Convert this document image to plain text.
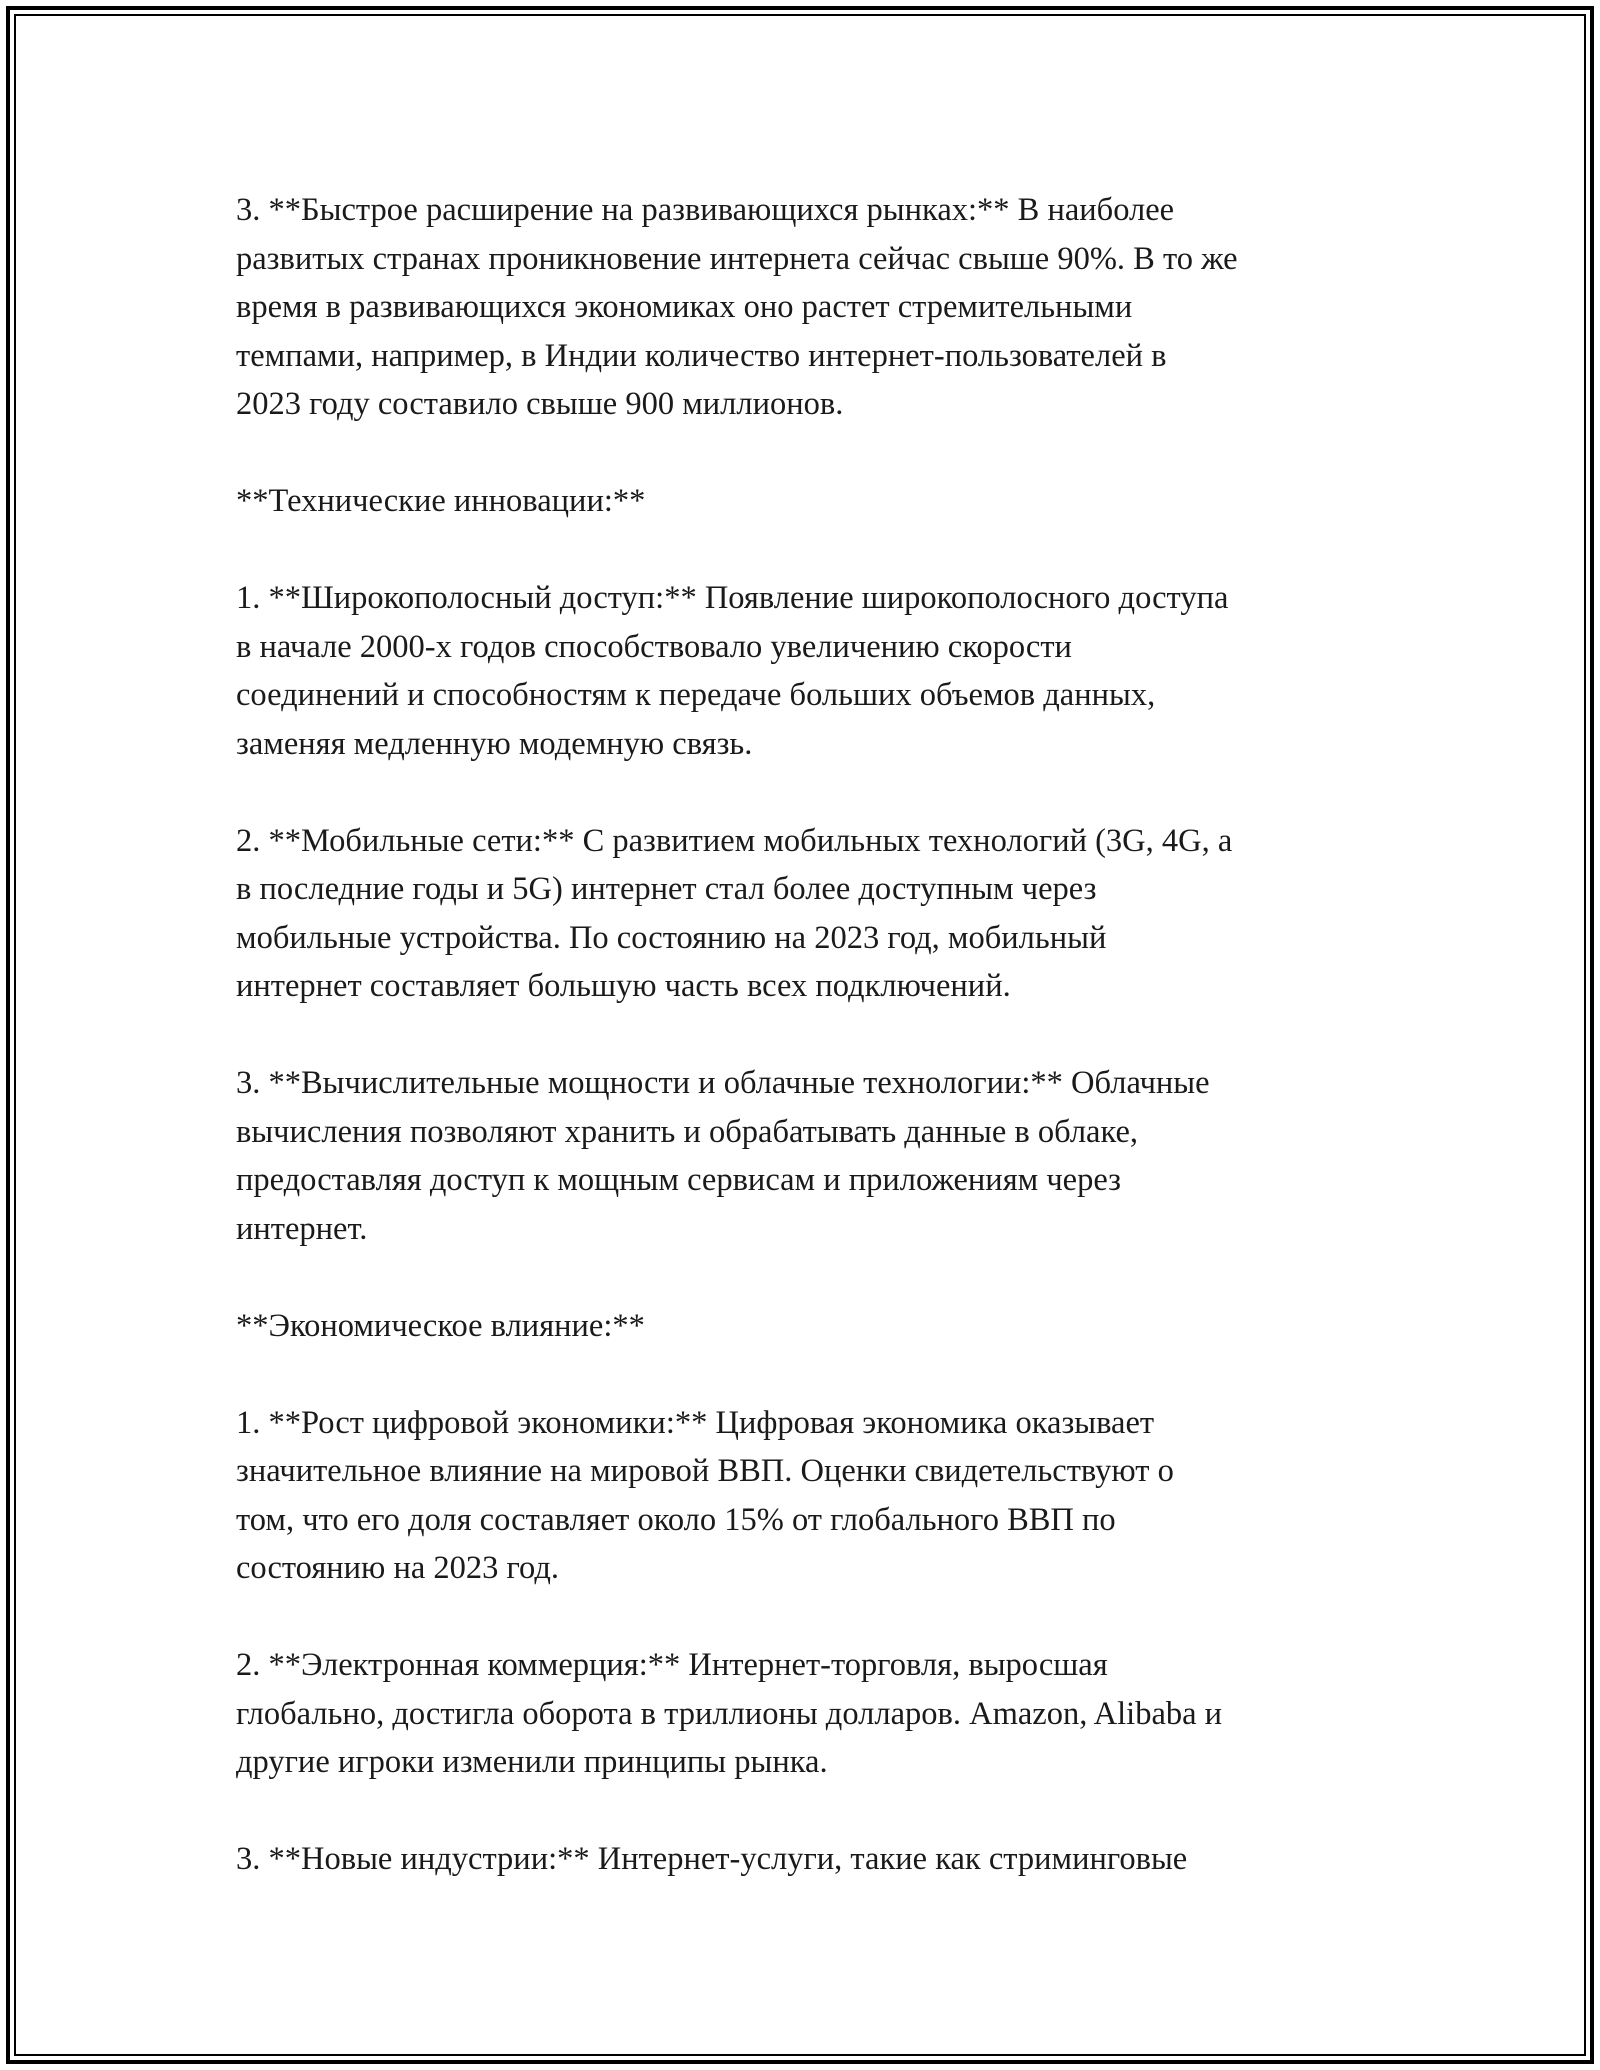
3. **Быстрое расширение на развивающихся рынках:** В наиболее
развитых странах проникновение интернета сейчас свыше 90%. В то же
время в развивающихся экономиках оно растет стремительными
темпами, например, в Индии количество интернет-пользователей в
2023 году составило свыше 900 миллионов.

**Технические инновации:**

1. **Широкополосный доступ:** Появление широкополосного доступа
в начале 2000-х годов способствовало увеличению скорости
соединений и способностям к передаче больших объемов данных,
заменяя медленную модемную связь.

2. **Мобильные сети:** С развитием мобильных технологий (3G, 4G, а
в последние годы и 5G) интернет стал более доступным через
мобильные устройства. По состоянию на 2023 год, мобильный
интернет составляет большую часть всех подключений.

3. **Вычислительные мощности и облачные технологии:** Облачные
вычисления позволяют хранить и обрабатывать данные в облаке,
предоставляя доступ к мощным сервисам и приложениям через
интернет.

**Экономическое влияние:**

1. **Рост цифровой экономики:** Цифровая экономика оказывает
значительное влияние на мировой ВВП. Оценки свидетельствуют о
том, что его доля составляет около 15% от глобального ВВП по
состоянию на 2023 год.

2. **Электронная коммерция:** Интернет-торговля, выросшая
глобально, достигла оборота в триллионы долларов. Amazon, Alibaba и
другие игроки изменили принципы рынка.

3. **Новые индустрии:** Интернет-услуги, такие как стриминговые
